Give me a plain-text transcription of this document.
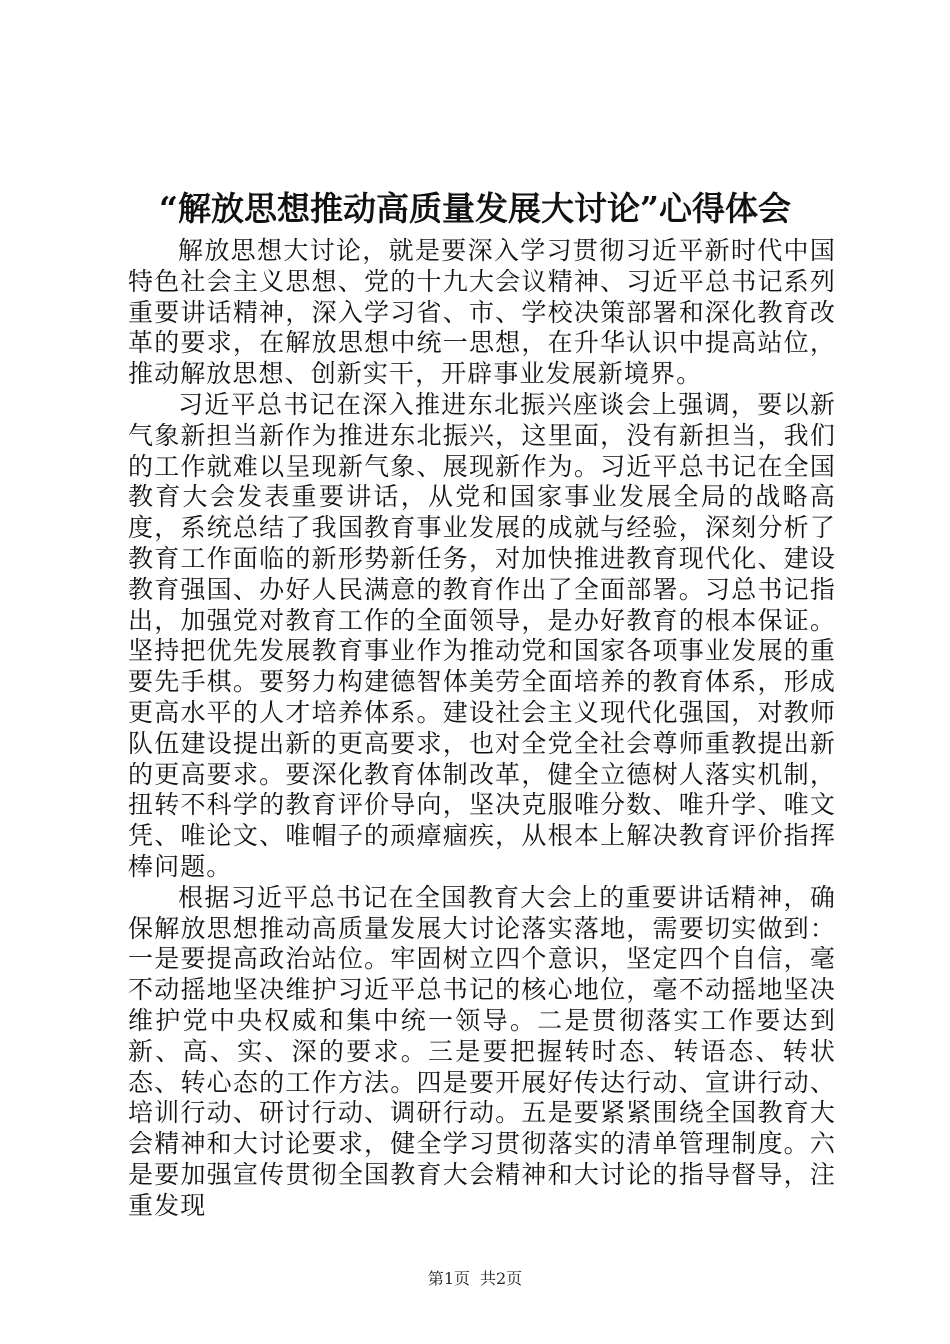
“解放思想推动高质量发展大讨论”心得体会

解放思想大讨论，就是要深入学习贯彻习近平新时代中国特色社会主义思想、党的十九大会议精神、习近平总书记系列重要讲话精神，深入学习省、市、学校决策部署和深化教育改革的要求，在解放思想中统一思想，在升华认识中提高站位，推动解放思想、创新实干，开辟事业发展新境界。

习近平总书记在深入推进东北振兴座谈会上强调，要以新气象新担当新作为推进东北振兴，这里面，没有新担当，我们的工作就难以呈现新气象、展现新作为。习近平总书记在全国教育大会发表重要讲话，从党和国家事业发展全局的战略高度，系统总结了我国教育事业发展的成就与经验，深刻分析了教育工作面临的新形势新任务，对加快推进教育现代化、建设教育强国、办好人民满意的教育作出了全面部署。习总书记指出，加强党对教育工作的全面领导，是办好教育的根本保证。坚持把优先发展教育事业作为推动党和国家各项事业发展的重要先手棋。要努力构建德智体美劳全面培养的教育体系，形成更高水平的人才培养体系。建设社会主义现代化强国，对教师队伍建设提出新的更高要求，也对全党全社会尊师重教提出新的更高要求。要深化教育体制改革，健全立德树人落实机制，扭转不科学的教育评价导向，坚决克服唯分数、唯升学、唯文凭、唯论文、唯帽子的顽瘴痼疾，从根本上解决教育评价指挥棒问题。

根据习近平总书记在全国教育大会上的重要讲话精神，确保解放思想推动高质量发展大讨论落实落地，需要切实做到：一是要提高政治站位。牢固树立四个意识，坚定四个自信，毫不动摇地坚决维护习近平总书记的核心地位，毫不动摇地坚决维护党中央权威和集中统一领导。二是贯彻落实工作要达到新、高、实、深的要求。三是要把握转时态、转语态、转状态、转心态的工作方法。四是要开展好传达行动、宣讲行动、培训行动、研讨行动、调研行动。五是要紧紧围绕全国教育大会精神和大讨论要求，健全学习贯彻落实的清单管理制度。六是要加强宣传贯彻全国教育大会精神和大讨论的指导督导，注重发现

第1页 共2页
